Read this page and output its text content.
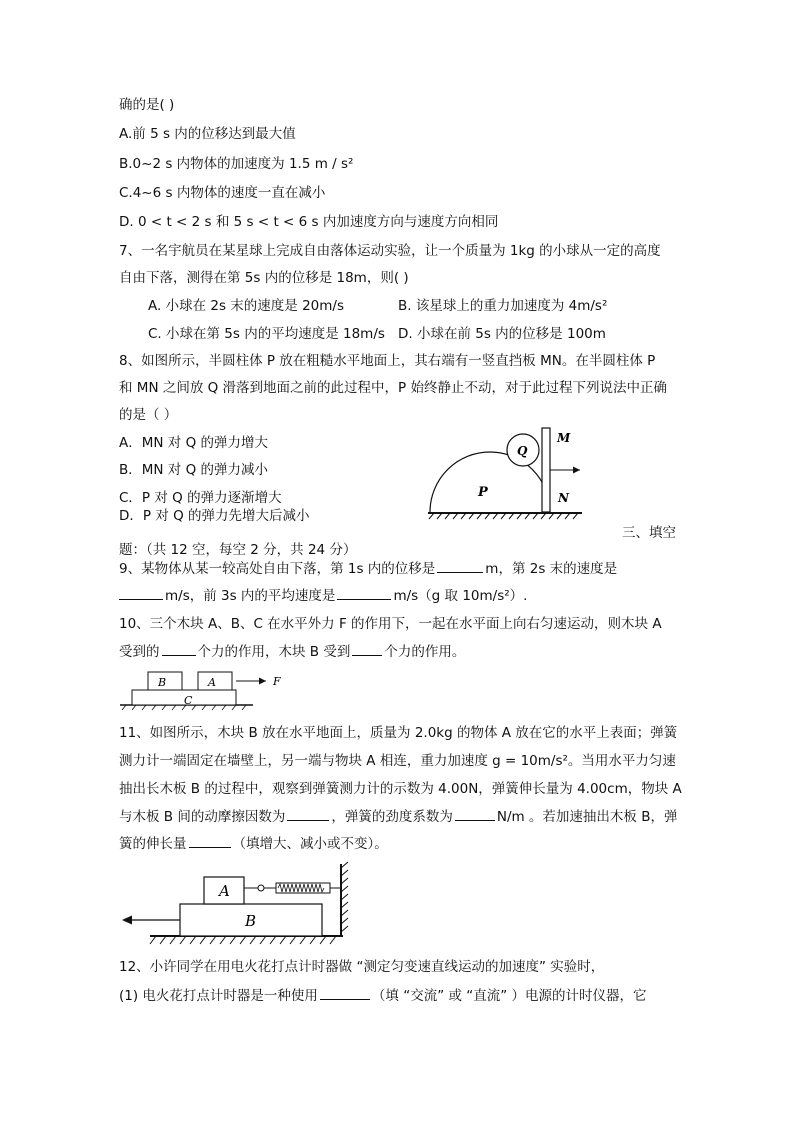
确的是( )
A.前 5 s 内的位移达到最大值
B.0~2 s 内物体的加速度为 1.5 m / s²
C.4~6 s 内物体的速度一直在减小
D. 0 < t < 2 s 和 5 s < t < 6 s 内加速度方向与速度方向相同
7、一名宇航员在某星球上完成自由落体运动实验，让一个质量为 1kg 的小球从一定的高度
自由下落，测得在第 5s 内的位移是 18m，则( )
A. 小球在 2s 末的速度是 20m/s	B. 该星球上的重力加速度为 4m/s²
C. 小球在第 5s 内的平均速度是 18m/s D. 小球在前 5s 内的位移是 100m
8、如图所示，半圆柱体 P 放在粗糙水平地面上，其右端有一竖直挡板 MN。在半圆柱体 P
和 MN 之间放 Q 滑落到地面之前的此过程中，P 始终静止不动，对于此过程下列说法中正确
的是（ ）
A．MN 对 Q 的弹力增大
B．MN 对 Q 的弹力减小
C．P 对 Q 的弹力逐渐增大
D．P 对 Q 的弹力先增大后减小
P
Q
M
N
三、填空
题：（共 12 空，每空 2 分，共 24 分）
9、某物体从某一较高处自由下落，第 1s 内的位移是	m，第 2s 末的速度是
m/s，前 3s 内的平均速度是	m/s（g 取 10m/s²）.
10、三个木块 A、B、C 在水平外力 F 的作用下，一起在水平面上向右匀速运动，则木块 A
受到的	个力的作用，木块 B 受到	个力的作用。
B	A
C
F
11、如图所示，木块 B 放在水平地面上，质量为 2.0kg 的物体 A 放在它的水平上表面；弹簧
测力计一端固定在墙壁上，另一端与物块 A 相连，重力加速度 g = 10m/s²。当用水平力匀速
抽出长木板 B 的过程中，观察到弹簧测力计的示数为 4.00N，弹簧伸长量为 4.00cm，物块 A
与木板 B 间的动摩擦因数为	，弹簧的劲度系数为	N/m 。若加速抽出木板 B，弹
簧的伸长量	（填增大、减小或不变）。
A
B
12、小许同学在用电火花打点计时器做 “测定匀变速直线运动的加速度” 实验时，
(1) 电火花打点计时器是一种使用	（填 “交流” 或 “直流” ）电源的计时仪器，它
